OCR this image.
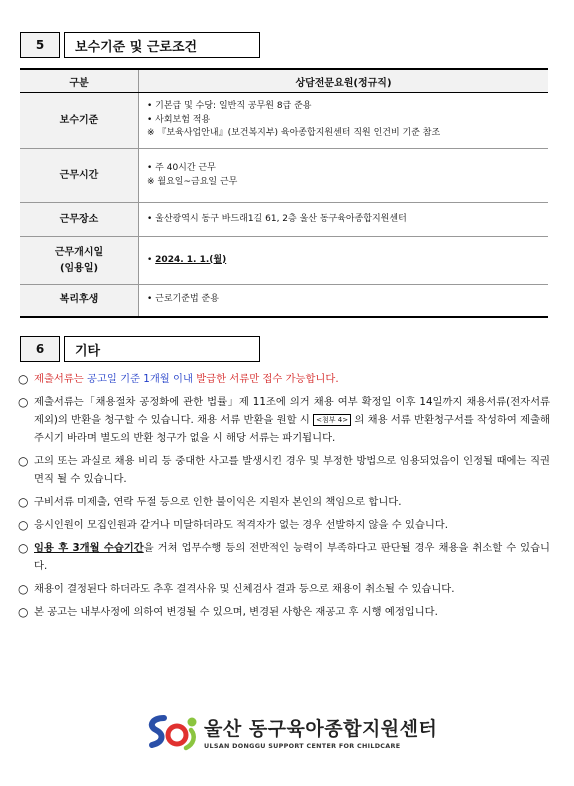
5	보수기준 및 근로조건
구분	상담전문요원(정규직)
보수기준	• 기본급 및 수당: 일반직 공무원 8급 준용
• 사회보험 적용
※ 『보육사업안내』(보건복지부) 육아종합지원센터 직원 인건비 기준 참조

근무시간	• 주 40시간 근무
※ 월요일~금요일 근무

근무장소	• 울산광역시 동구 바드래1길 61, 2층 울산 동구육아종합지원센터

근무개시일
(임용일)	• 2024. 1. 1.(월)
복리후생	• 근로기준법 준용
6	기타
○ 제출서류는 공고일 기준 1개월 이내 발급한 서류만 접수 가능합니다.
○ 제출서류는「채용절차 공정화에 관한 법률」제 11조에 의거 채용 여부 확정일 이후 14일까지 채용서류(전자서류 제외)의 반환을 청구할 수 있습니다. 채용 서류 반환을 원할 시 <첨부 4> 의 채용 서류 반환청구서를 작성하여 제출해 주시기 바라며 별도의 반환 청구가 없을 시 해당 서류는 파기됩니다.
○ 고의 또는 과실로 채용 비리 등 중대한 사고를 발생시킨 경우 및 부정한 방법으로 임용되었음이 인정될 때에는 직권면직 될 수 있습니다.
○ 구비서류 미제출, 연락 두절 등으로 인한 불이익은 지원자 본인의 책임으로 합니다.
○ 응시인원이 모집인원과 같거나 미달하더라도 적격자가 없는 경우 선발하지 않을 수 있습니다.
○ 임용 후 3개월 수습기간을 거쳐 업무수행 등의 전반적인 능력이 부족하다고 판단될 경우 채용을 취소할 수 있습니다.
○ 채용이 결정된다 하더라도 추후 결격사유 및 신체검사 결과 등으로 채용이 취소될 수 있습니다.
○ 본 공고는 내부사정에 의하여 변경될 수 있으며, 변경된 사항은 재공고 후 시행 예정입니다.
울산 동구육아종합지원센터
ULSAN DONGGU SUPPORT CENTER FOR CHILDCARE
